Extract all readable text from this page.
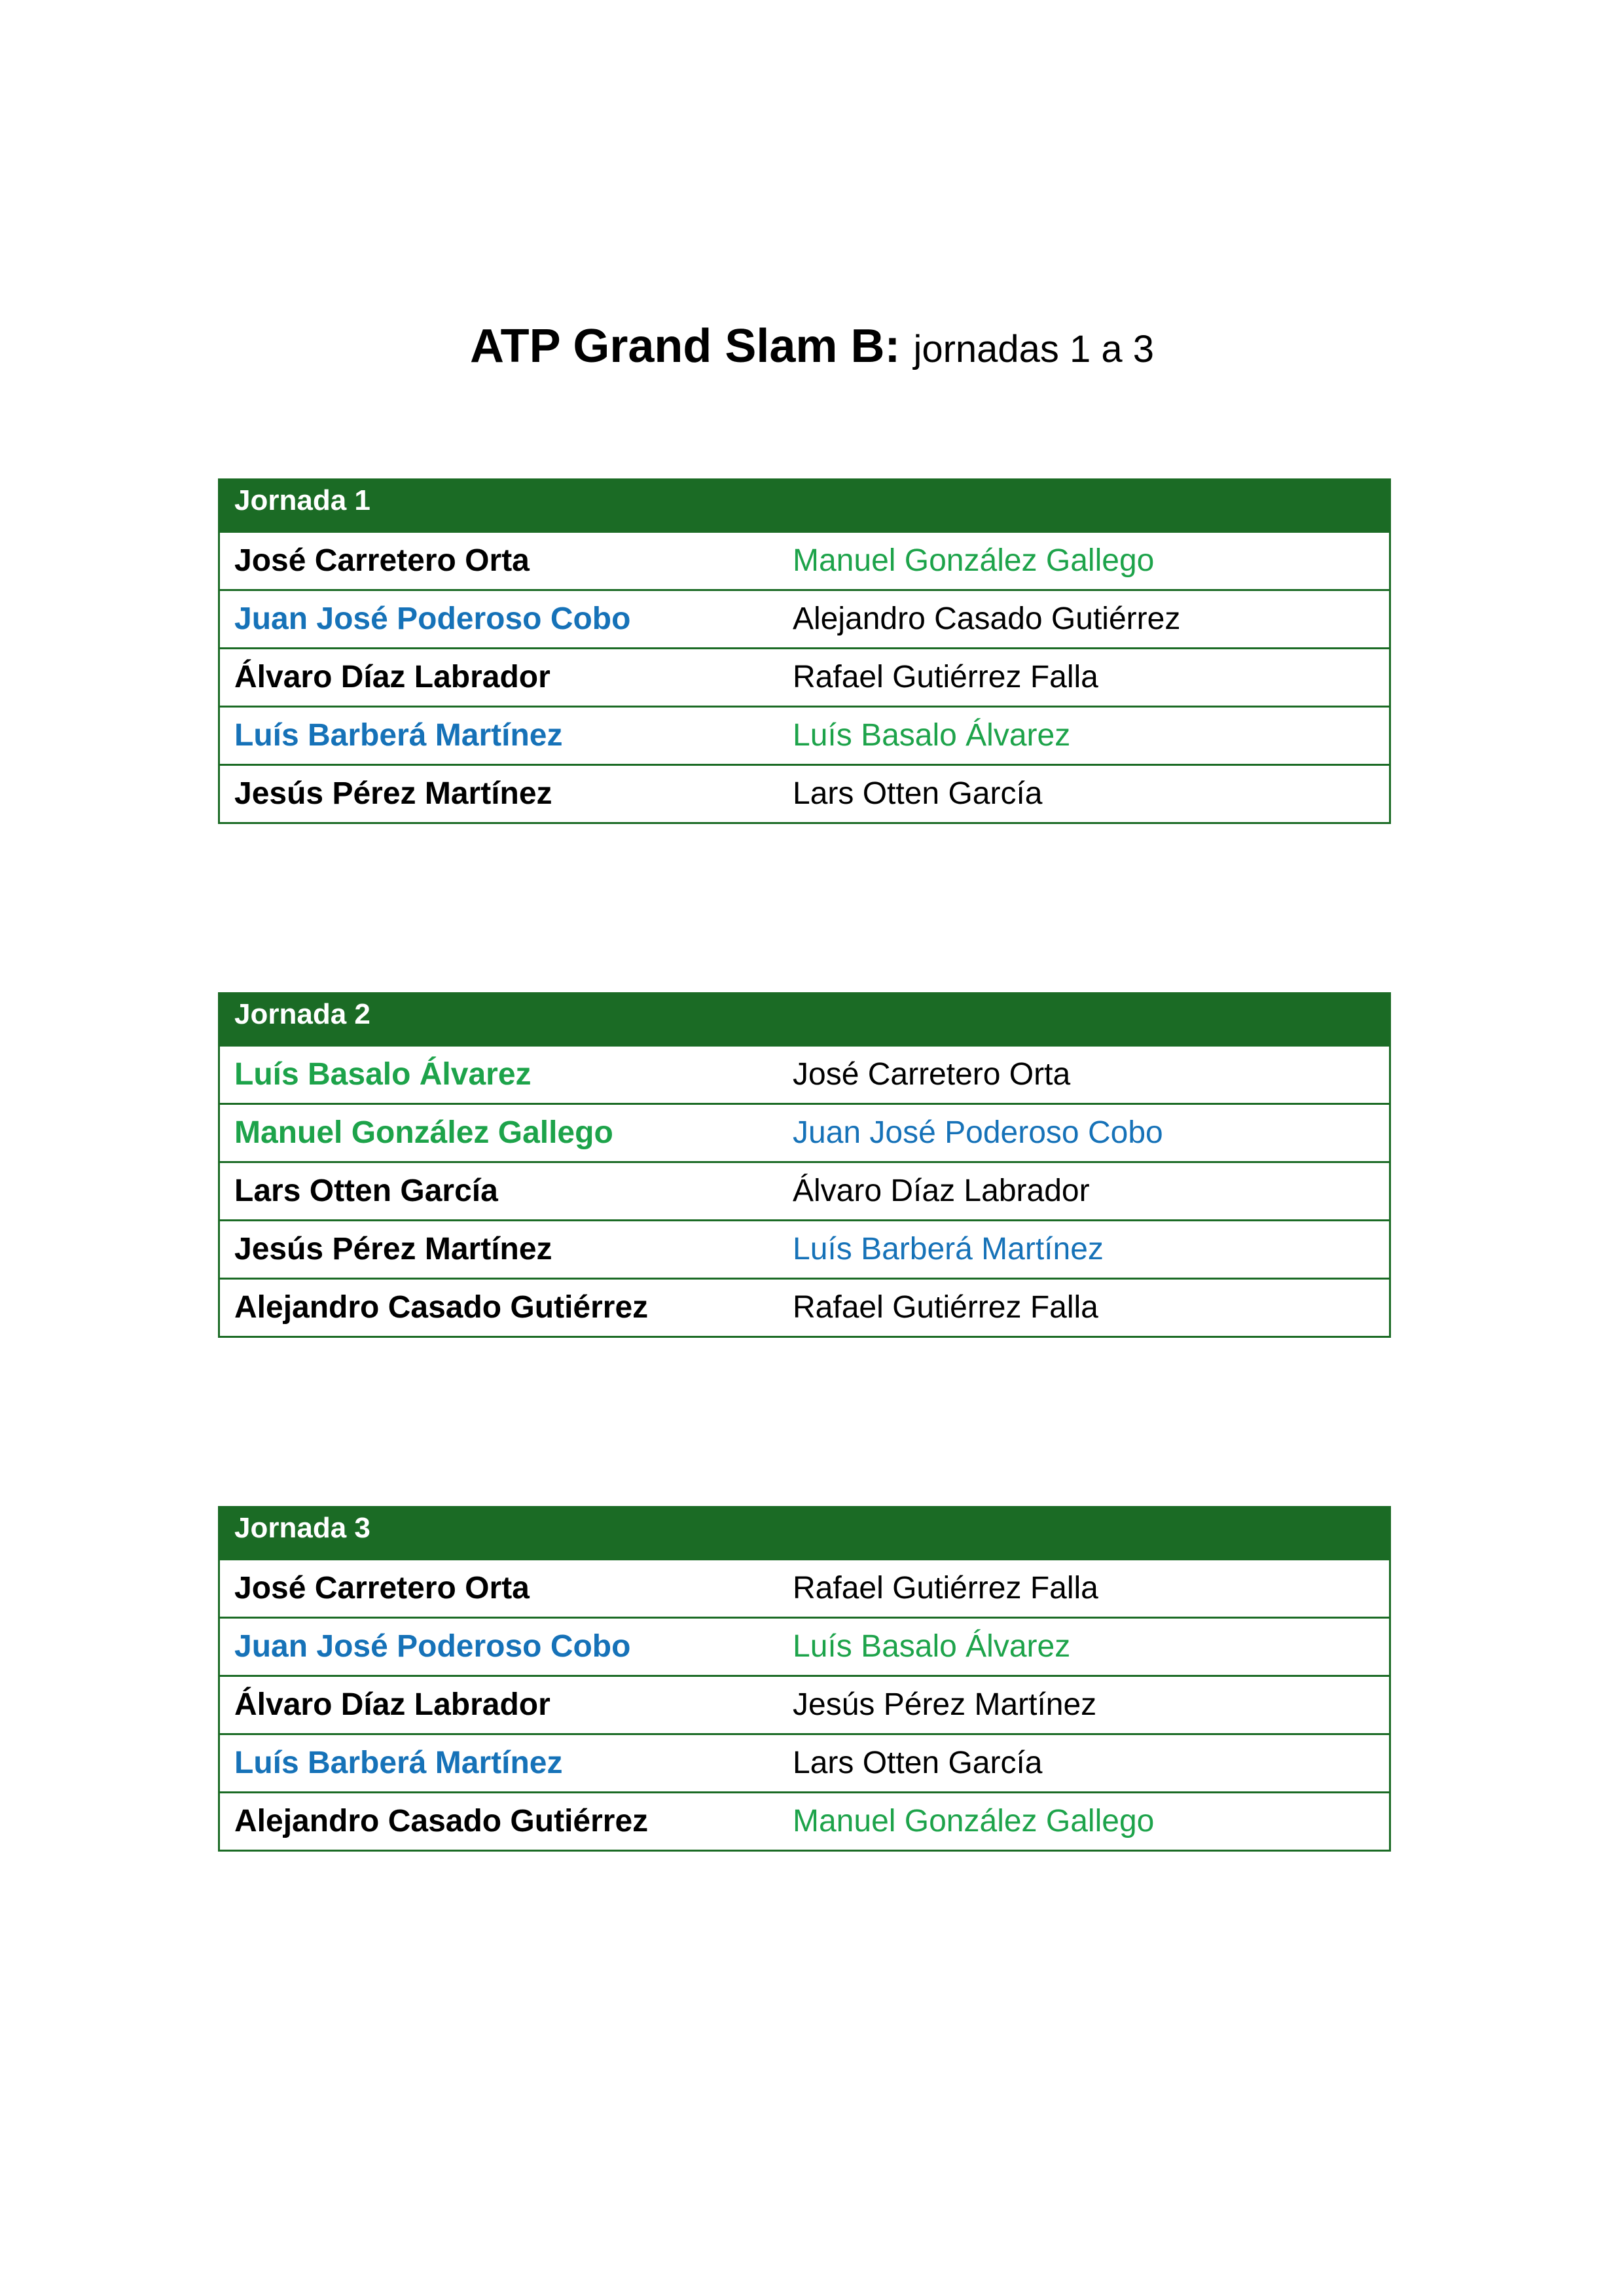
ATP Grand Slam B: jornadas 1 a 3
Jornada 1
José Carretero Orta	Manuel González Gallego
Juan José Poderoso Cobo	Alejandro Casado Gutiérrez
Álvaro Díaz Labrador	Rafael Gutiérrez Falla
Luís Barberá Martínez	Luís Basalo Álvarez
Jesús Pérez Martínez	Lars Otten García
Jornada 2
Luís Basalo Álvarez	José Carretero Orta
Manuel González Gallego	Juan José Poderoso Cobo
Lars Otten García	Álvaro Díaz Labrador
Jesús Pérez Martínez	Luís Barberá Martínez
Alejandro Casado Gutiérrez	Rafael Gutiérrez Falla
Jornada 3
José Carretero Orta	Rafael Gutiérrez Falla
Juan José Poderoso Cobo	Luís Basalo Álvarez
Álvaro Díaz Labrador	Jesús Pérez Martínez
Luís Barberá Martínez	Lars Otten García
Alejandro Casado Gutiérrez	Manuel González Gallego
